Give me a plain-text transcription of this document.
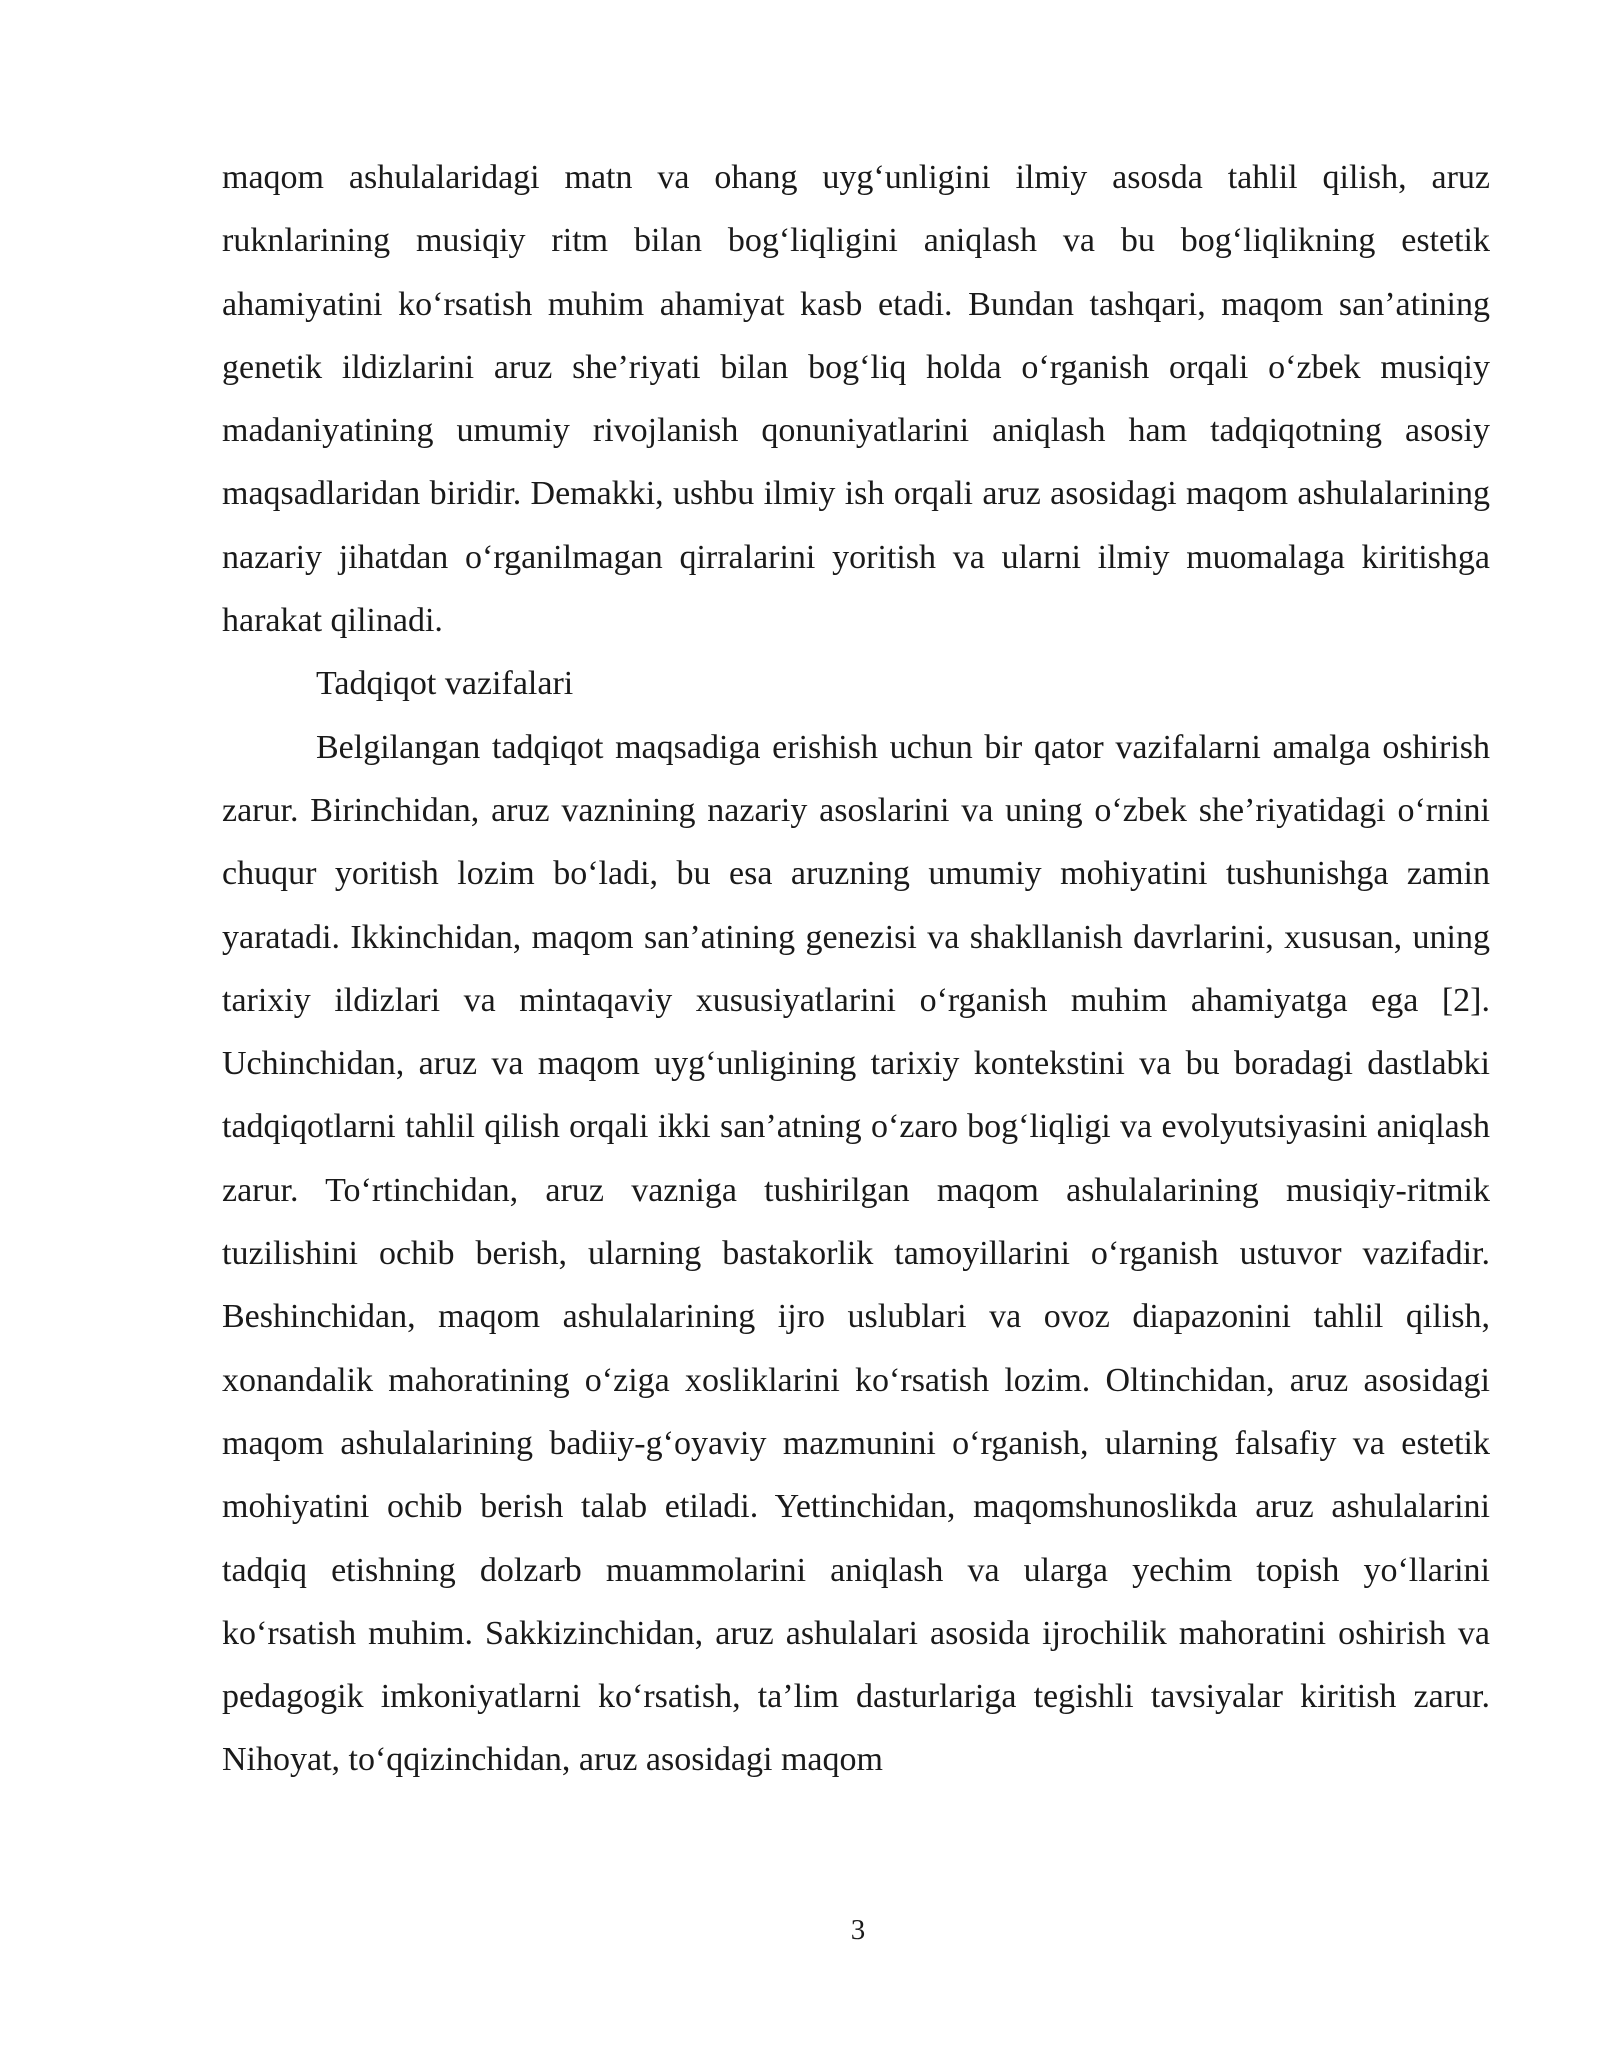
maqom ashulalaridagi matn va ohang uygʻunligini ilmiy asosda tahlil qilish, aruz ruknlarining musiqiy ritm bilan bogʻliqligini aniqlash va bu bogʻliqlikning estetik ahamiyatini koʻrsatish muhim ahamiyat kasb etadi. Bundan tashqari, maqom san’atining genetik ildizlarini aruz she’riyati bilan bogʻliq holda oʻrganish orqali oʻzbek musiqiy madaniyatining umumiy rivojlanish qonuniyatlarini aniqlash ham tadqiqotning asosiy maqsadlaridan biridir. Demakki, ushbu ilmiy ish orqali aruz asosidagi maqom ashulalarining nazariy jihatdan oʻrganilmagan qirralarini yoritish va ularni ilmiy muomalaga kiritishga harakat qilinadi.

Tadqiqot vazifalari

Belgilangan tadqiqot maqsadiga erishish uchun bir qator vazifalarni amalga oshirish zarur. Birinchidan, aruz vaznining nazariy asoslarini va uning oʻzbek she’riyatidagi oʻrnini chuqur yoritish lozim boʻladi, bu esa aruzning umumiy mohiyatini tushunishga zamin yaratadi. Ikkinchidan, maqom san’atining genezisi va shakllanish davrlarini, xususan, uning tarixiy ildizlari va mintaqaviy xususiyatlarini oʻrganish muhim ahamiyatga ega [2]. Uchinchidan, aruz va maqom uygʻunligining tarixiy kontekstini va bu boradagi dastlabki tadqiqotlarni tahlil qilish orqali ikki san’atning oʻzaro bogʻliqligi va evolyutsiyasini aniqlash zarur. Toʻrtinchidan, aruz vazniga tushirilgan maqom ashulalarining musiqiy-ritmik tuzilishini ochib berish, ularning bastakorlik tamoyillarini oʻrganish ustuvor vazifadir. Beshinchidan, maqom ashulalarining ijro uslublari va ovoz diapazonini tahlil qilish, xonandalik mahoratining oʻziga xosliklarini koʻrsatish lozim. Oltinchidan, aruz asosidagi maqom ashulalarining badiiy-gʻoyaviy mazmunini oʻrganish, ularning falsafiy va estetik mohiyatini ochib berish talab etiladi. Yettinchidan, maqomshunoslikda aruz ashulalarini tadqiq etishning dolzarb muammolarini aniqlash va ularga yechim topish yoʻllarini koʻrsatish muhim. Sakkizinchidan, aruz ashulalari asosida ijrochilik mahoratini oshirish va pedagogik imkoniyatlarni koʻrsatish, ta’lim dasturlariga tegishli tavsiyalar kiritish zarur. Nihoyat, toʻqqizinchidan, aruz asosidagi maqom

3
